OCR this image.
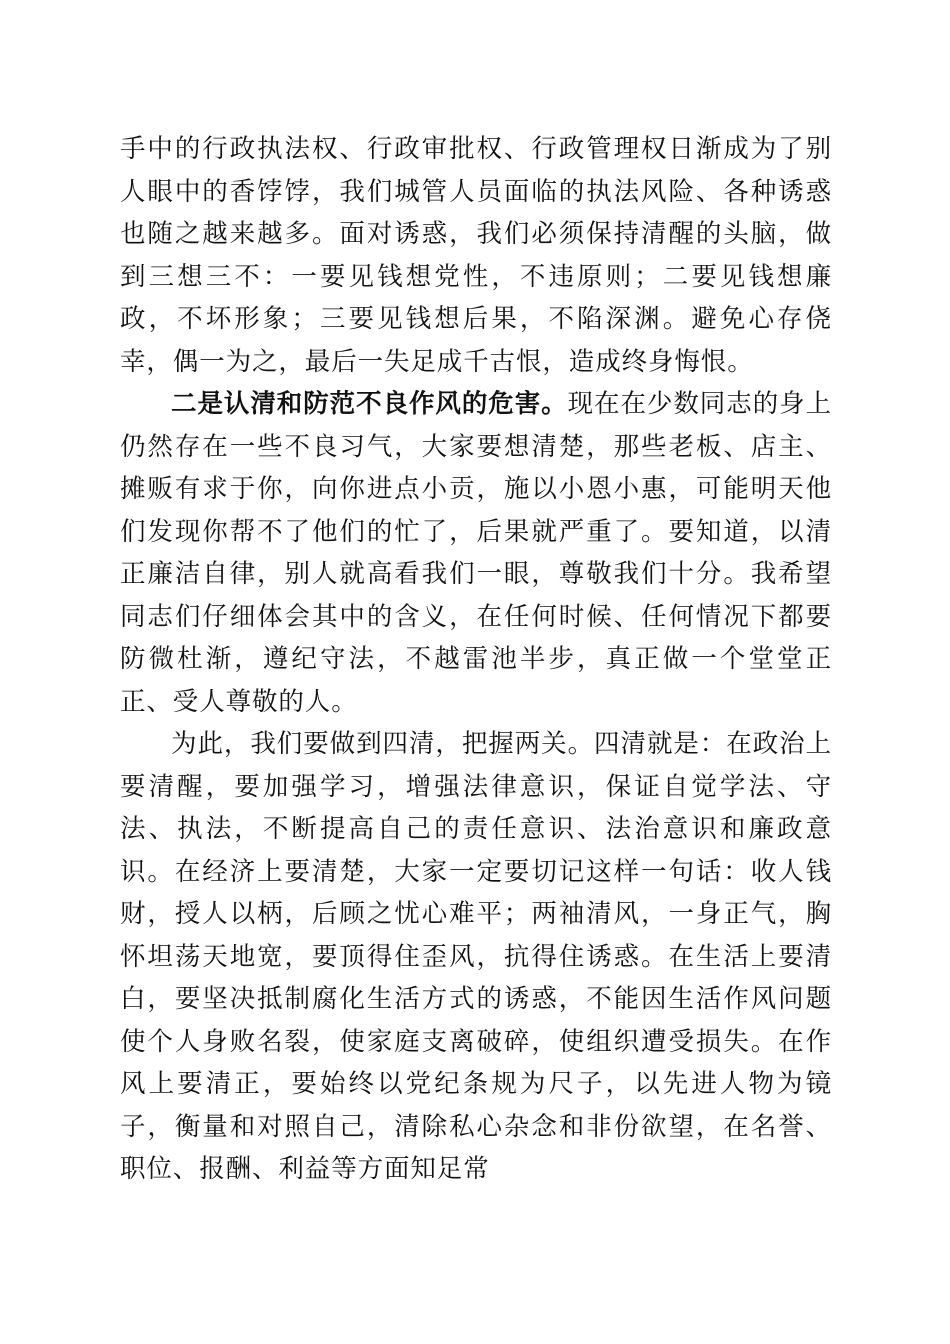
手中的行政执法权、行政审批权、行政管理权日渐成为了别人眼中的香饽饽，我们城管人员面临的执法风险、各种诱惑也随之越来越多。面对诱惑，我们必须保持清醒的头脑，做到三想三不：一要见钱想党性，不违原则；二要见钱想廉政，不坏形象；三要见钱想后果，不陷深渊。避免心存侥幸，偶一为之，最后一失足成千古恨，造成终身悔恨。

二是认清和防范不良作风的危害。现在在少数同志的身上仍然存在一些不良习气，大家要想清楚，那些老板、店主、摊贩有求于你，向你进点小贡，施以小恩小惠，可能明天他们发现你帮不了他们的忙了，后果就严重了。要知道，以清正廉洁自律，别人就高看我们一眼，尊敬我们十分。我希望同志们仔细体会其中的含义，在任何时候、任何情况下都要防微杜渐，遵纪守法，不越雷池半步，真正做一个堂堂正正、受人尊敬的人。

为此，我们要做到四清，把握两关。四清就是：在政治上要清醒，要加强学习，增强法律意识，保证自觉学法、守法、执法，不断提高自己的责任意识、法治意识和廉政意识。在经济上要清楚，大家一定要切记这样一句话：收人钱财，授人以柄，后顾之忧心难平；两袖清风，一身正气，胸怀坦荡天地宽，要顶得住歪风，抗得住诱惑。在生活上要清白，要坚决抵制腐化生活方式的诱惑，不能因生活作风问题使个人身败名裂，使家庭支离破碎，使组织遭受损失。在作风上要清正，要始终以党纪条规为尺子，以先进人物为镜子，衡量和对照自己，清除私心杂念和非份欲望，在名誉、职位、报酬、利益等方面知足常
